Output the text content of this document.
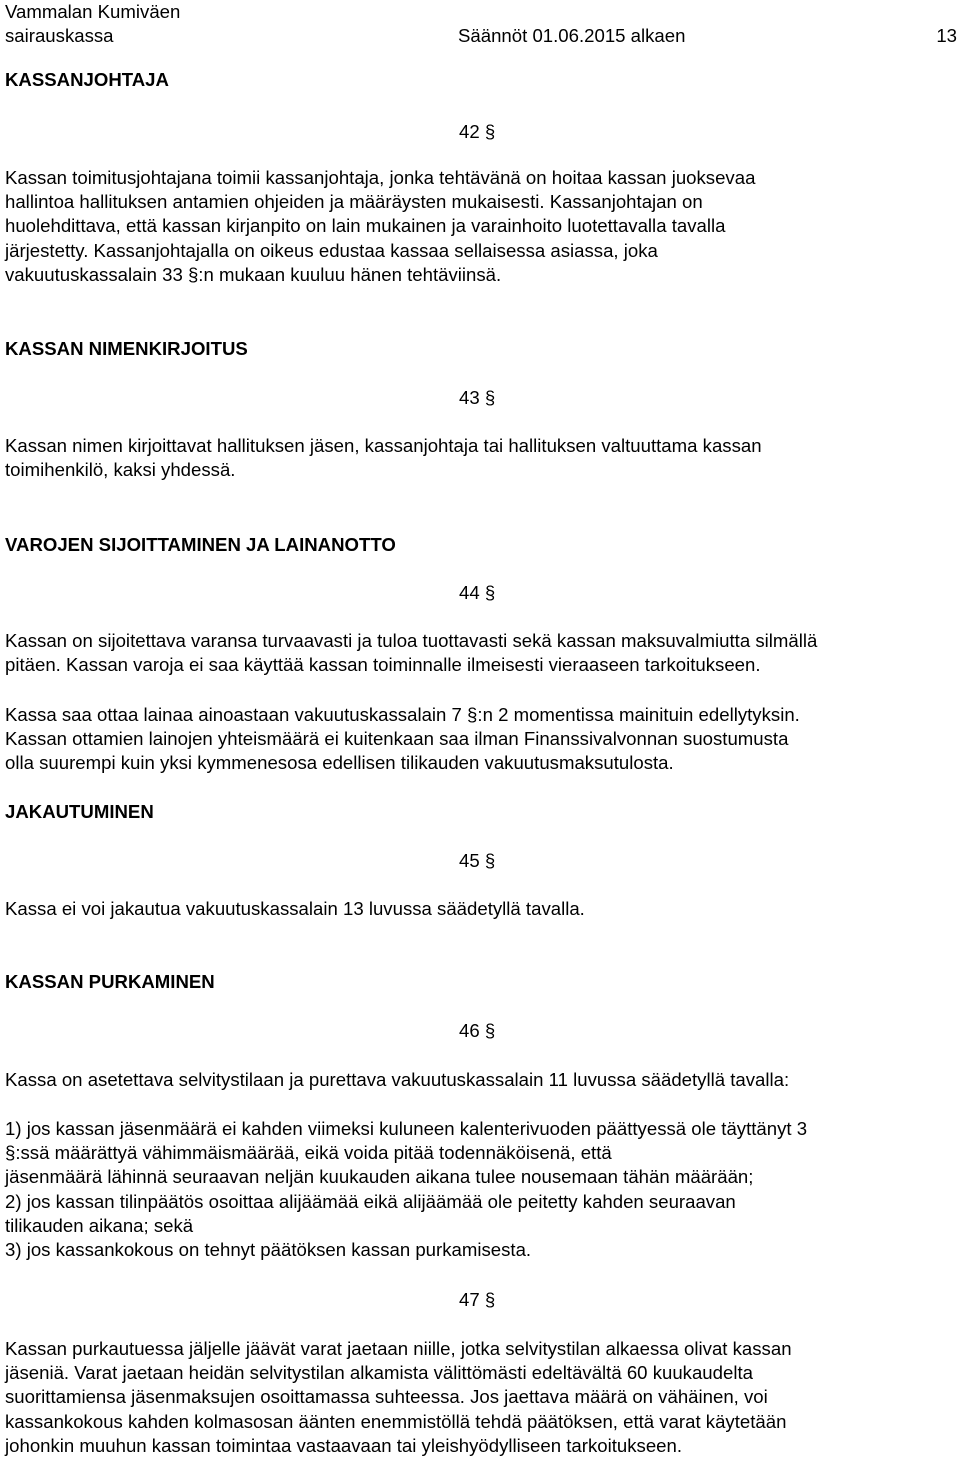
Vammalan Kumiväen
sairauskassa	Säännöt 01.06.2015 alkaen	13
KASSANJOHTAJA
42 §
Kassan toimitusjohtajana toimii kassanjohtaja, jonka tehtävänä on hoitaa kassan juoksevaa
hallintoa hallituksen antamien ohjeiden ja määräysten mukaisesti. Kassanjohtajan on
huolehdittava, että kassan kirjanpito on lain mukainen ja varainhoito luotettavalla tavalla
järjestetty. Kassanjohtajalla on oikeus edustaa kassaa sellaisessa asiassa, joka
vakuutuskassalain 33 §:n mukaan kuuluu hänen tehtäviinsä.
KASSAN NIMENKIRJOITUS
43 §
Kassan nimen kirjoittavat hallituksen jäsen, kassanjohtaja tai hallituksen valtuuttama kassan
toimihenkilö, kaksi yhdessä.
VAROJEN SIJOITTAMINEN JA LAINANOTTO
44 §
Kassan on sijoitettava varansa turvaavasti ja tuloa tuottavasti sekä kassan maksuvalmiutta silmällä
pitäen. Kassan varoja ei saa käyttää kassan toiminnalle ilmeisesti vieraaseen tarkoitukseen.
Kassa saa ottaa lainaa ainoastaan vakuutuskassalain 7 §:n 2 momentissa mainituin edellytyksin.
Kassan ottamien lainojen yhteismäärä ei kuitenkaan saa ilman Finanssivalvonnan suostumusta
olla suurempi kuin yksi kymmenesosa edellisen tilikauden vakuutusmaksutulosta.
JAKAUTUMINEN
45 §
Kassa ei voi jakautua vakuutuskassalain 13 luvussa säädetyllä tavalla.
KASSAN PURKAMINEN
46 §
Kassa on asetettava selvitystilaan ja purettava vakuutuskassalain 11 luvussa säädetyllä tavalla:
1) jos kassan jäsenmäärä ei kahden viimeksi kuluneen kalenterivuoden päättyessä ole täyttänyt 3
§:ssä määrättyä vähimmäismäärää, eikä voida pitää todennäköisenä, että
jäsenmäärä lähinnä seuraavan neljän kuukauden aikana tulee nousemaan tähän määrään;
2) jos kassan tilinpäätös osoittaa alijäämää eikä alijäämää ole peitetty kahden seuraavan
tilikauden aikana; sekä
3) jos kassankokous on tehnyt päätöksen kassan purkamisesta.
47 §
Kassan purkautuessa jäljelle jäävät varat jaetaan niille, jotka selvitystilan alkaessa olivat kassan
jäseniä. Varat jaetaan heidän selvitystilan alkamista välittömästi edeltävältä 60 kuukaudelta
suorittamiensa jäsenmaksujen osoittamassa suhteessa. Jos jaettava määrä on vähäinen, voi
kassankokous kahden kolmasosan äänten enemmistöllä tehdä päätöksen, että varat käytetään
johonkin muuhun kassan toimintaa vastaavaan tai yleishyödylliseen tarkoitukseen.
